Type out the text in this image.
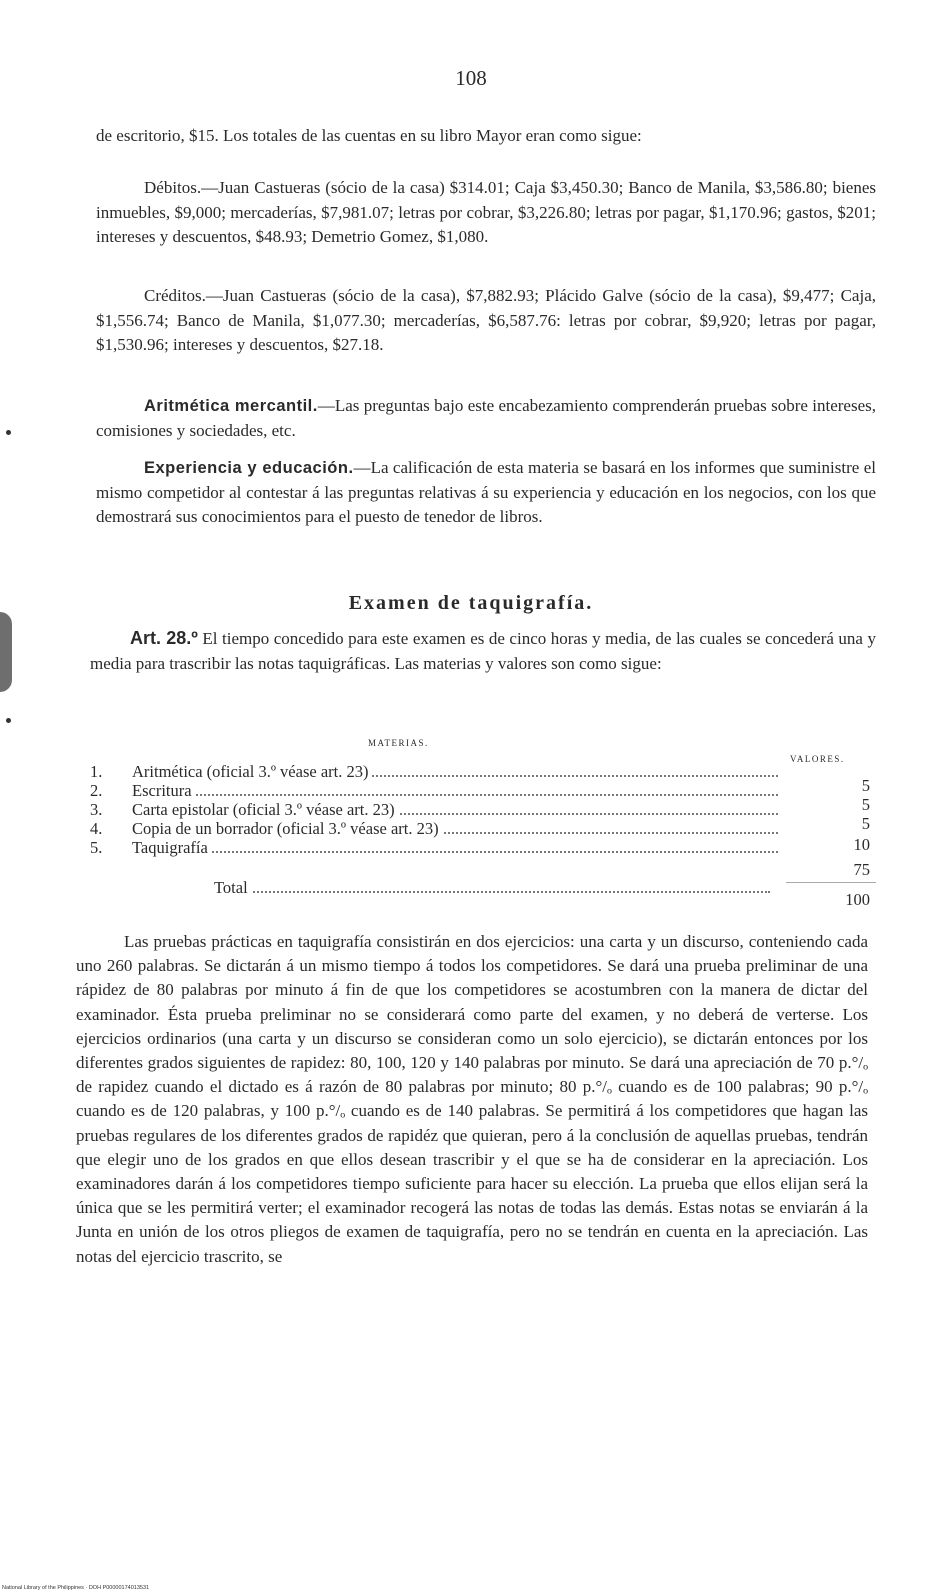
108

de escritorio, $15. Los totales de las cuentas en su libro Mayor eran como sigue:

Débitos.—Juan Castueras (sócio de la casa) $314.01; Caja $3,450.30; Banco de Manila, $3,586.80; bienes inmuebles, $9,000; mercaderías, $7,981.07; letras por cobrar, $3,226.80; letras por pagar, $1,170.96; gastos, $201; intereses y descuentos, $48.93; Demetrio Gomez, $1,080.

Créditos.—Juan Castueras (sócio de la casa), $7,882.93; Plácido Galve (sócio de la casa), $9,477; Caja, $1,556.74; Banco de Manila, $1,077.30; mercaderías, $6,587.76: letras por cobrar, $9,920; letras por pagar, $1,530.96; intereses y descuentos, $27.18.

Aritmética mercantil.—Las preguntas bajo este encabezamiento comprenderán pruebas sobre intereses, comisiones y sociedades, etc.

Experiencia y educación.—La calificación de esta materia se basará en los informes que suministre el mismo competidor al contestar á las preguntas relativas á su experiencia y educación en los negocios, con los que demostrará sus conocimientos para el puesto de tenedor de libros.

Examen de taquigrafía.

Art. 28.º El tiempo concedido para este examen es de cinco horas y media, de las cuales se concederá una y media para trascribir las notas taquigráficas. Las materias y valores son como sigue:

MATERIAS.
VALORES.
1. Aritmética (oficial 3.º véase art. 23)
5
2. Escritura
5
3. Carta epistolar (oficial 3.º véase art. 23)
5
4. Copia de un borrador (oficial 3.º véase art. 23)
10
5. Taquigrafía
75
Total
100

Las pruebas prácticas en taquigrafía consistirán en dos ejercicios: una carta y un discurso, conteniendo cada uno 260 palabras. Se dictarán á un mismo tiempo á todos los competidores. Se dará una prueba preliminar de una rápidez de 80 palabras por minuto á fin de que los competidores se acostumbren con la manera de dictar del examinador. Ésta prueba preliminar no se considerará como parte del examen, y no deberá de verterse. Los ejercicios ordinarios (una carta y un discurso se consideran como un solo ejercicio), se dictarán entonces por los diferentes grados siguientes de rapidez: 80, 100, 120 y 140 palabras por minuto. Se dará una apreciación de 70 p.°/ₒ de rapidez cuando el dictado es á razón de 80 palabras por minuto; 80 p.°/ₒ cuando es de 100 palabras; 90 p.°/ₒ cuando es de 120 palabras, y 100 p.°/ₒ cuando es de 140 palabras. Se permitirá á los competidores que hagan las pruebas regulares de los diferentes grados de rapidéz que quieran, pero á la conclusión de aquellas pruebas, tendrán que elegir uno de los grados en que ellos desean trascribir y el que se ha de considerar en la apreciación. Los examinadores darán á los competidores tiempo suficiente para hacer su elección. La prueba que ellos elijan será la única que se les permitirá verter; el examinador recogerá las notas de todas las demás. Estas notas se enviarán á la Junta en unión de los otros pliegos de examen de taquigrafía, pero no se tendrán en cuenta en la apreciación. Las notas del ejercicio trascrito, se

National Library of the Philippines · DOH P00000174013531
